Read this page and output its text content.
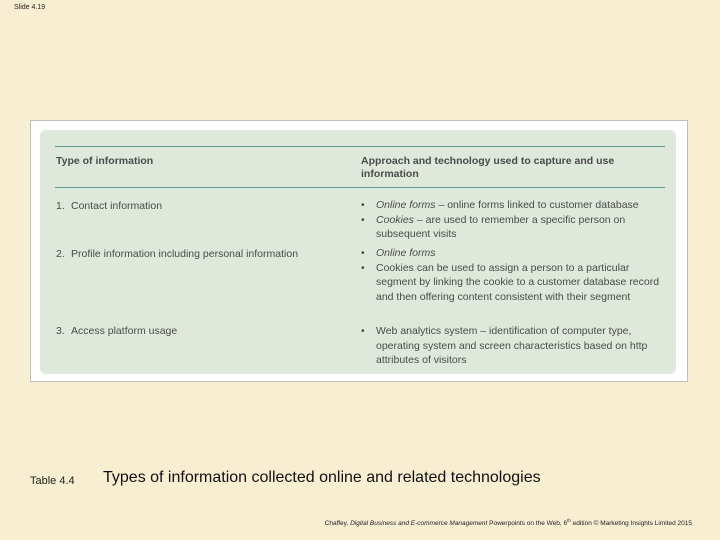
Slide 4.19
Type of information	Approach and technology used to capture and use information
1. Contact information	• Online forms – online forms linked to customer database
• Cookies – are used to remember a specific person on subsequent visits
2. Profile information including personal information	• Online forms
• Cookies can be used to assign a person to a particular segment by linking the cookie to a customer database record and then offering content consistent with their segment
3. Access platform usage	• Web analytics system – identification of computer type, operating system and screen characteristics based on http attributes of visitors
Table 4.4 Types of information collected online and related technologies
Chaffey, Digital Business and E-commerce Management Powerpoints on the Web, 6th edition © Marketing Insights Limited 2015
